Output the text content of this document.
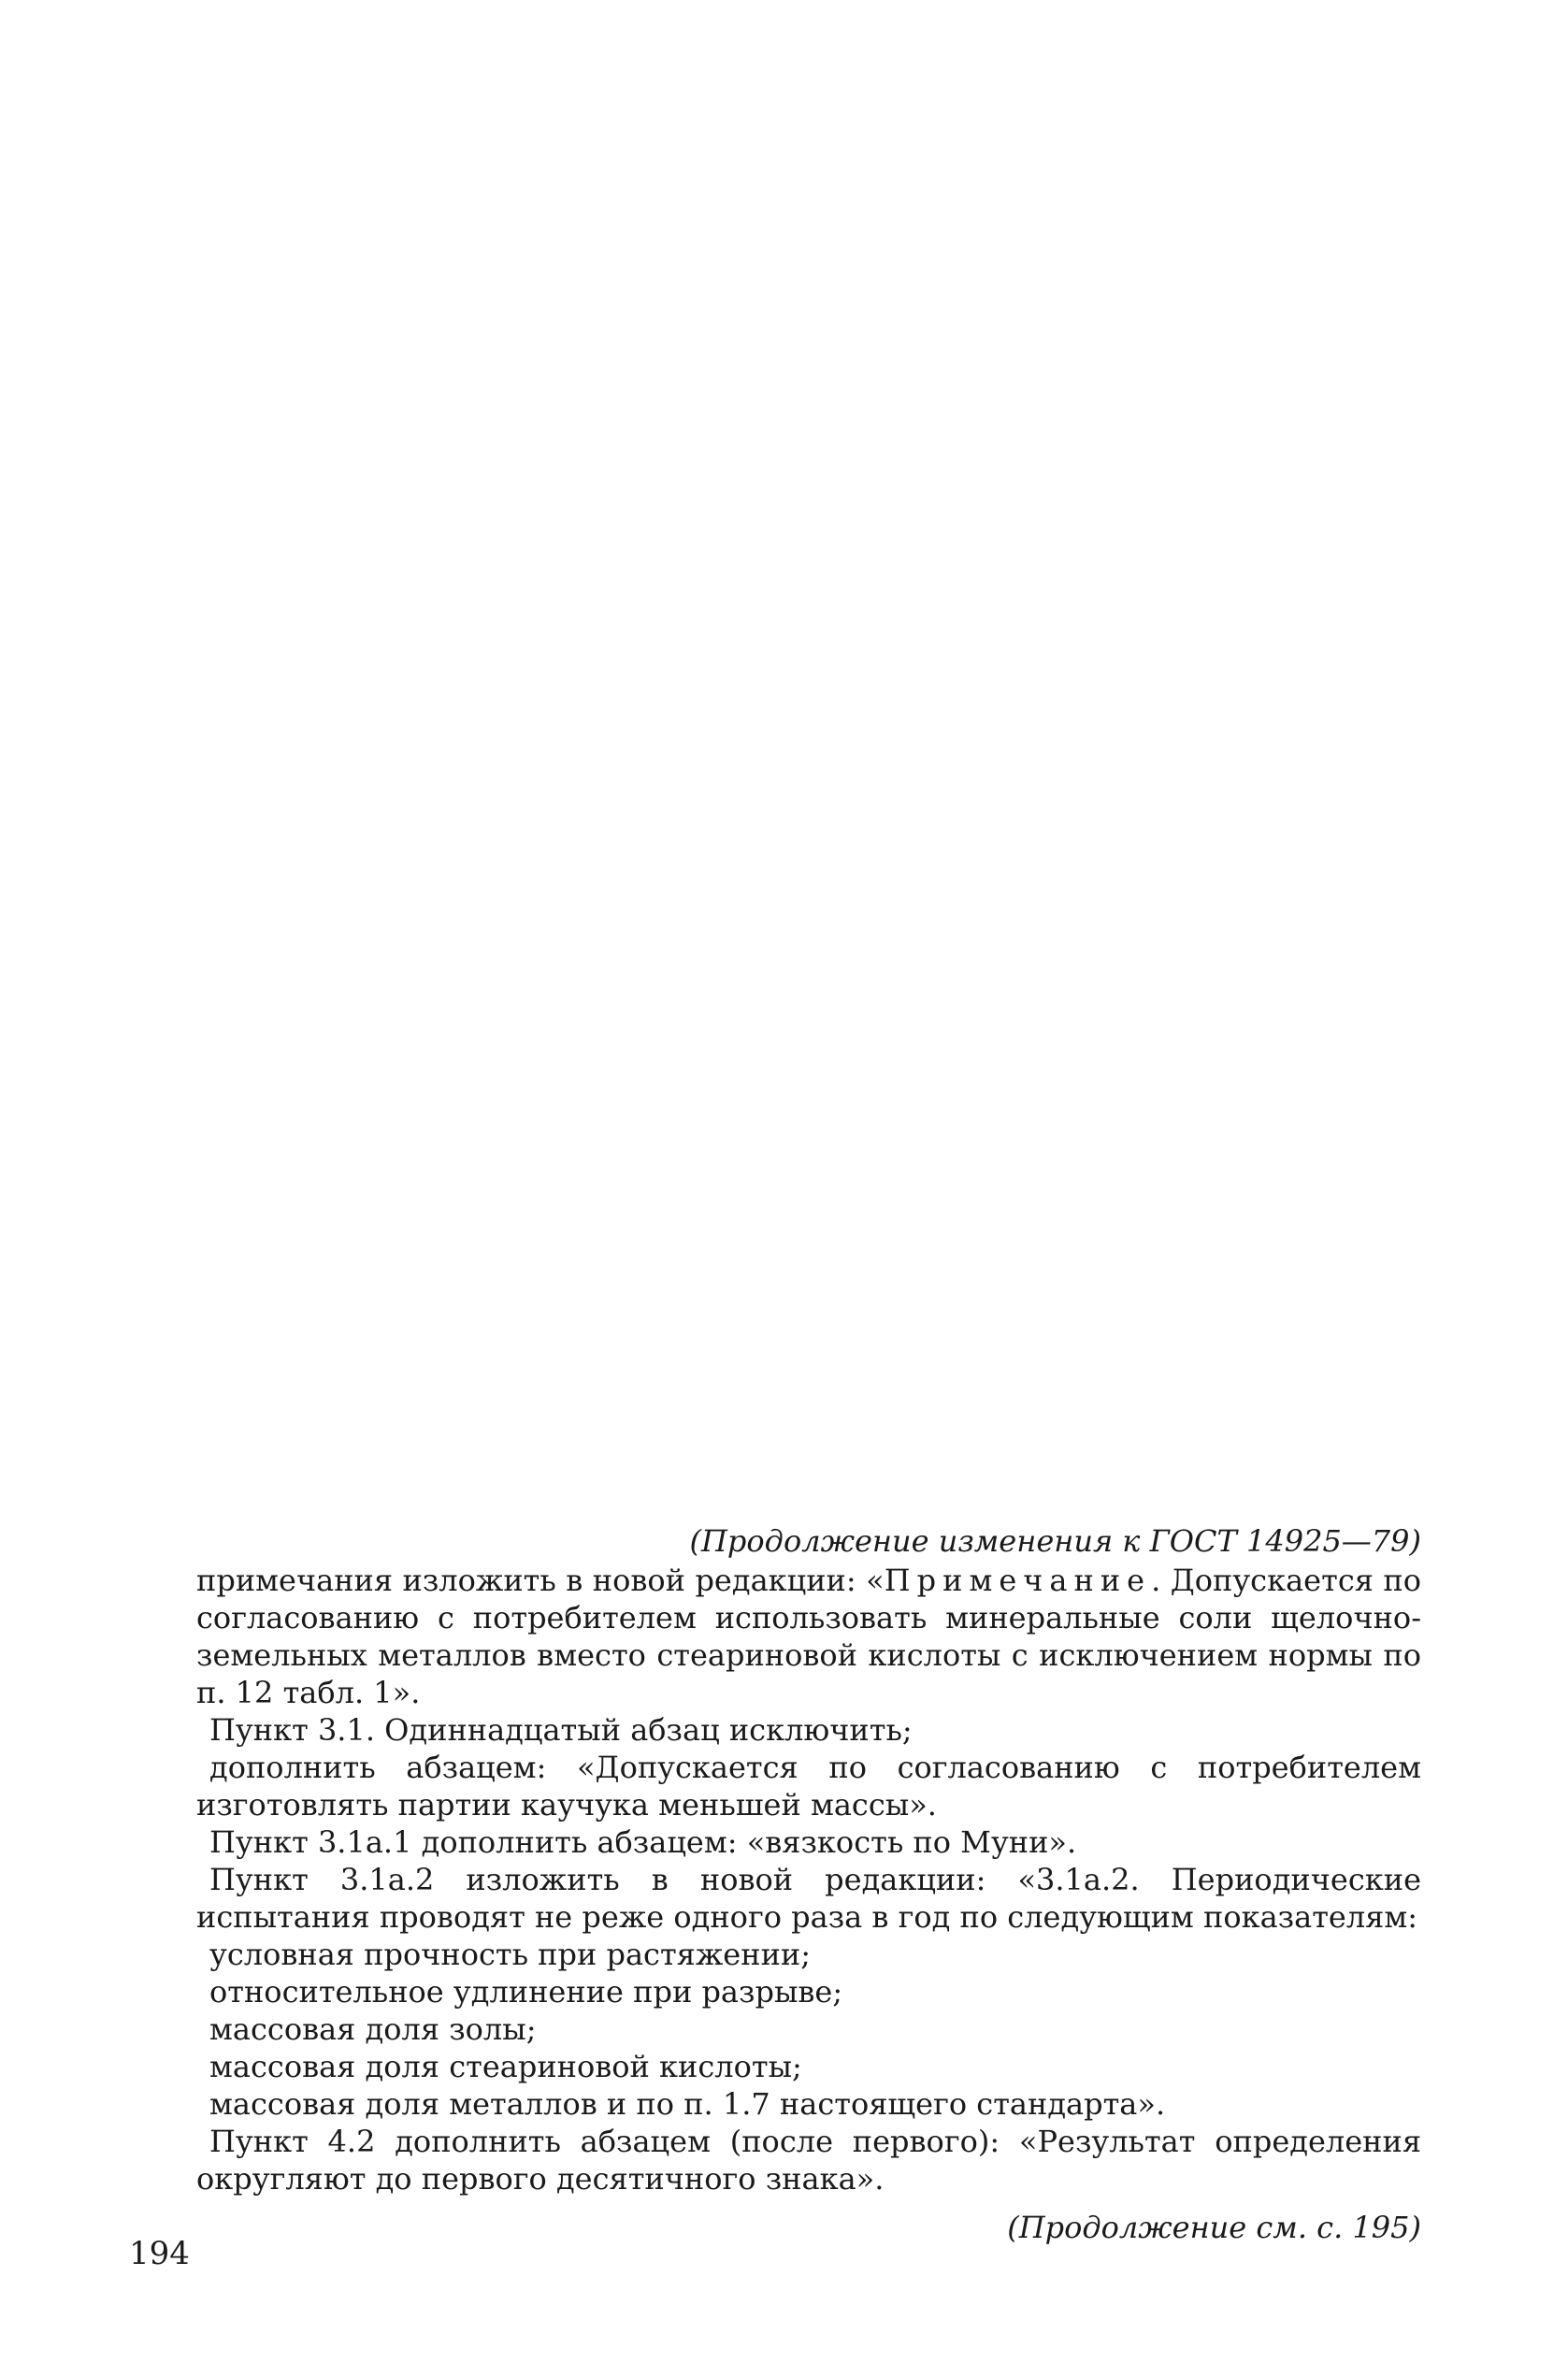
(Продолжение изменения к ГОСТ 14925—79)

примечания изложить в новой редакции: «Примечание. Допускается по согласованию с потребителем использовать минеральные соли щелочно-земельных металлов вместо стеариновой кислоты с исключением нормы по п. 12 табл. 1».

Пункт 3.1. Одиннадцатый абзац исключить;

дополнить абзацем: «Допускается по согласованию с потребителем изготовлять партии каучука меньшей массы».

Пункт 3.1а.1 дополнить абзацем: «вязкость по Муни».

Пункт 3.1а.2 изложить в новой редакции: «3.1а.2. Периодические испытания проводят не реже одного раза в год по следующим показателям:

условная прочность при растяжении;

относительное удлинение при разрыве;

массовая доля золы;

массовая доля стеариновой кислоты;

массовая доля металлов и по п. 1.7 настоящего стандарта».

Пункт 4.2 дополнить абзацем (после первого): «Результат определения округляют до первого десятичного знака».

(Продолжение см. с. 195)
194
